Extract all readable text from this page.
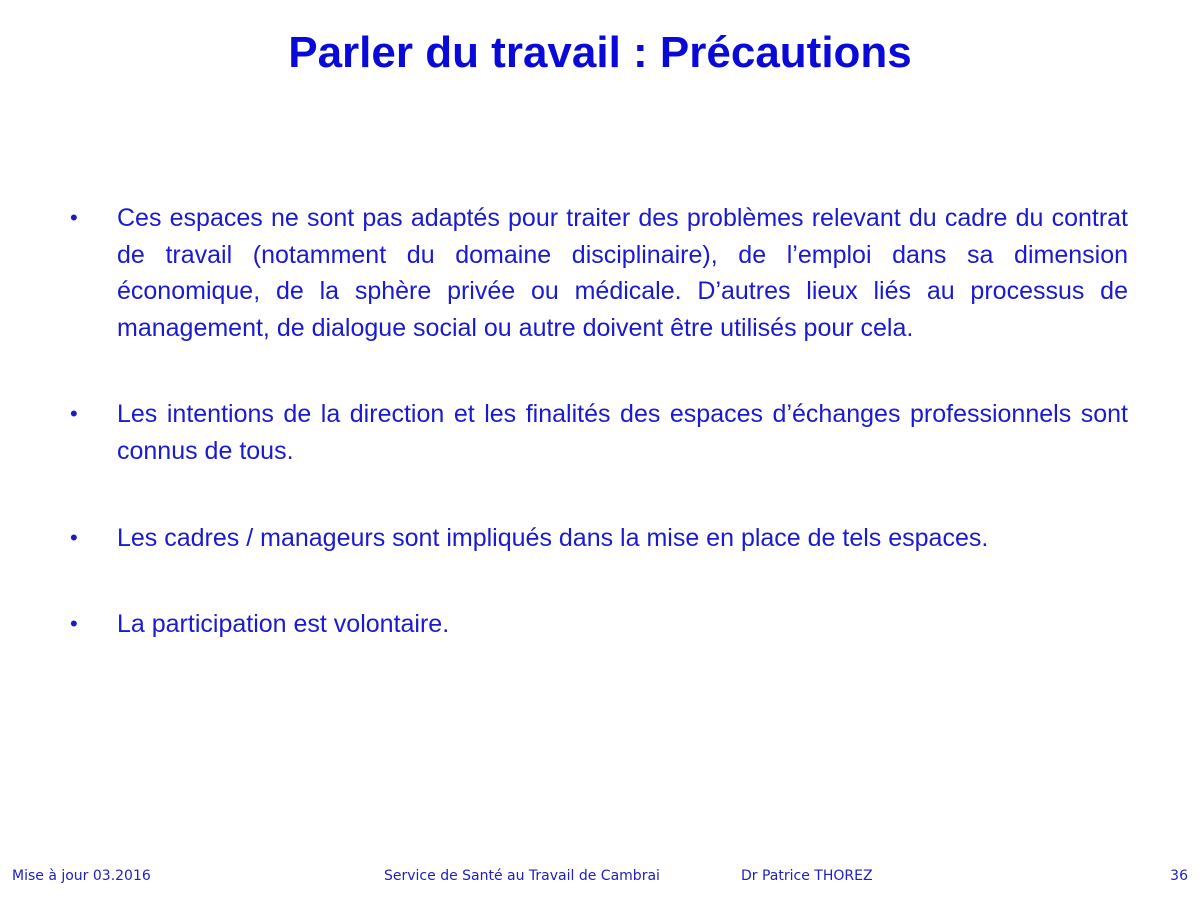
Parler du travail : Précautions
• Ces espaces ne sont pas adaptés pour traiter des problèmes relevant du cadre du contrat de travail (notamment du domaine disciplinaire), de l’emploi dans sa dimension économique, de la sphère privée ou médicale. D’autres lieux liés au processus de management, de dialogue social ou autre doivent être utilisés pour cela.
• Les intentions de la direction et les finalités des espaces d’échanges professionnels sont connus de tous.
• Les cadres / manageurs sont impliqués dans la mise en place de tels espaces.
• La participation est volontaire.
Mise à jour 03.2016	Service de Santé au Travail de Cambrai	Dr Patrice THOREZ	36
